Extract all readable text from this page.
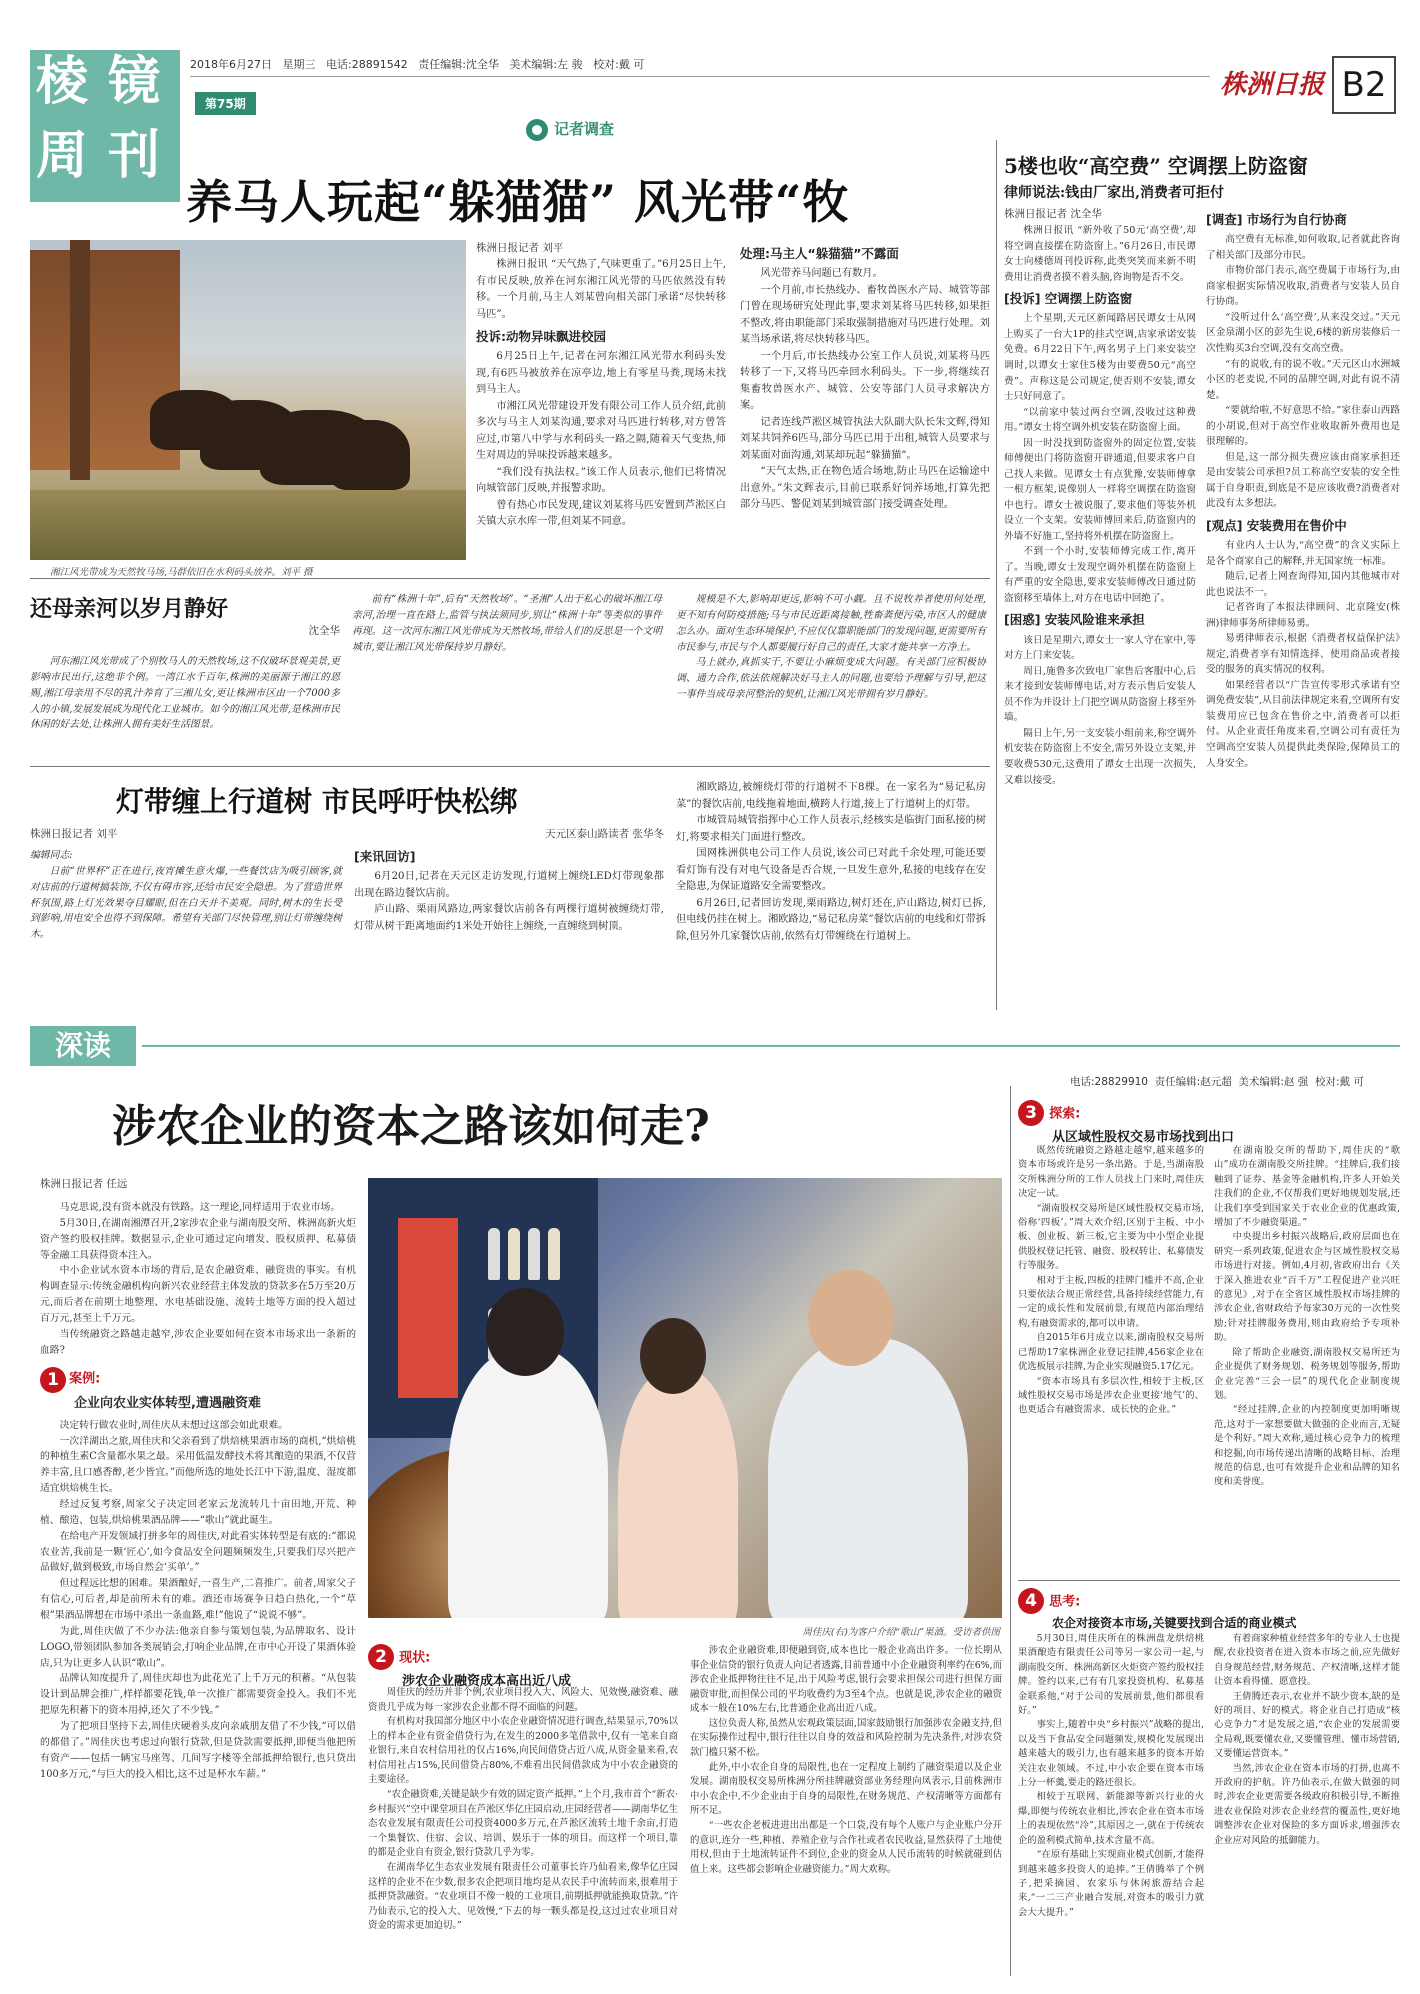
棱 镜
周 刊
2018年6月27日 星期三 电话:28891542 责任编辑:沈全华 美术编辑:左 骏 校对:戴 可
第75期
株洲日报 B2
记者调查
养马人玩起“躲猫猫” 风光带“牧
湘江风光带成为天然牧马场,马群依旧在水利码头放养。刘平 摄
株洲日报记者 刘平

株洲日报讯 “天气热了,气味更重了。”6月25日上午,有市民反映,放养在河东湘江风光带的马匹依然没有转移。一个月前,马主人刘某曾向相关部门承诺“尽快转移马匹”。

投诉:动物异味飘进校园

6月25日上午,记者在河东湘江风光带水利码头发现,有6匹马被放养在凉亭边,地上有零星马粪,现场未找到马主人。

市湘江风光带建设开发有限公司工作人员介绍,此前多次与马主人刘某沟通,要求对马匹进行转移,对方曾答应过,市第八中学与水利码头一路之隔,随着天气变热,师生对周边的异味投诉越来越多。

“我们没有执法权。”该工作人员表示,他们已将情况向城管部门反映,并报警求助。

曾有热心市民发现,建议刘某将马匹安置到芦淞区白关镇大京水库一带,但刘某不同意。

处理:马主人“躲猫猫”不露面

风光带养马问题已有数月。

一个月前,市长热线办、畜牧兽医水产局、城管等部门曾在现场研究处理此事,要求刘某将马匹转移,如果拒不整改,将由职能部门采取强制措施对马匹进行处理。刘某当场承诺,将尽快转移马匹。

一个月后,市长热线办公室工作人员说,刘某将马匹转移了一下,又将马匹牵回水利码头。下一步,将继续召集畜牧兽医水产、城管、公安等部门人员寻求解决方案。

记者连线芦淞区城管执法大队副大队长朱文辉,得知刘某共饲养6匹马,部分马匹已用于出租,城管人员要求与刘某面对面沟通,刘某却玩起“躲猫猫”。

“天气太热,正在物色适合场地,防止马匹在运输途中出意外。”朱文辉表示,目前已联系好饲养场地,打算先把部分马匹、警促刘某到城管部门接受调查处理。

还母亲河以岁月静好
沈全华

河东湘江风光带成了个别牧马人的天然牧场,这不仅破坏景观美景,更影响市民出行,这绝非个例。一湾江水千百年,株洲的美丽源于湘江的恩赐,湘江母亲用不尽的乳汁养育了三湘儿女,更让株洲市区由一个7000多人的小镇,发展发展成为现代化工业城市。如今的湘江风光带,是株洲市民休闲的好去处,让株洲人拥有美好生活图景。

前有“株洲十年”,后有“天然牧场”。“圣湘”人出于私心的破坏湘江母亲河,治理一直在路上,监管与执法须同步,别让“株洲十年”等类似的事件再现。这一次河东湘江风光带成为天然牧场,带给人们的反思是一个文明城市,要让湘江风光带保持岁月静好。

规模是不大,影响却更远,影响不可小觑。且不说牧养者使用何处理,更不知有何防疫措施;马与市民近距离接触,牲畜粪便污染,市区人的健康怎么办。面对生态环境保护,不应仅仅靠职能部门的发现问题,更需要所有市民参与,市民与个人都要履行好自己的责任,大家才能共享一方净土。

马上就办,真抓实干,不要让小麻烦变成大问题。有关部门应积极协调、通力合作,依法依规解决好马主人的问题,也要给予理解与引导,把这一事件当成母亲河整治的契机,让湘江风光带拥有岁月静好。

灯带缠上行道树 市民呼吁快松绑
株洲日报记者 刘平
编辑同志:

日前“世界杯”正在进行,夜宵摊生意火爆,一些餐饮店为吸引顾客,就对店前的行道树搞装饰,不仅有碍市容,还给市民安全隐患。为了营造世界杯氛围,路上灯光效果夺目耀眼,但在白天并不美观。同时,树木的生长受到影响,用电安全也得不到保障。希望有关部门尽快管理,别让灯带缠绕树木。

天元区泰山路读者 张华冬
[来讯回访]

6月20日,记者在天元区走访发现,行道树上缠绕LED灯带现象都出现在路边餐饮店前。

庐山路、栗雨风路边,两家餐饮店前各有两棵行道树被缠绕灯带,灯带从树干距离地面约1米处开始往上缠绕,一直缠绕到树顶。

湘欧路边,被缠绕灯带的行道树不下8棵。在一家名为“易记私房菜”的餐饮店前,电线拖着地面,横跨人行道,接上了行道树上的灯带。

市城管局城管指挥中心工作人员表示,经核实是临街门面私接的树灯,将要求相关门面进行整改。

国网株洲供电公司工作人员说,该公司已对此千余处理,可能还要看灯饰有没有对电气设备是否合规,一旦发生意外,私接的电线存在安全隐患,为保证道路安全需要整改。

6月26日,记者回访发现,栗雨路边,树灯还在,庐山路边,树灯已拆,但电线仍挂在树上。湘欧路边,“易记私房菜”餐饮店前的电线和灯带拆除,但另外几家餐饮店前,依然有灯带缠绕在行道树上。

5楼也收“高空费” 空调摆上防盗窗
律师说法:钱由厂家出,消费者可拒付
株洲日报记者 沈全华

株洲日报讯 “新外收了50元‘高空费’,却将空调直接摆在防盗窗上。”6月26日,市民谭女士向楼德周刊投诉称,此类突笑而来新不明费用让消费者摸不着头脑,咨询物是否不交。

[投诉] 空调摆上防盗窗

上个星期,天元区新闻路居民谭女士从网上购买了一台大1P的挂式空调,店家承诺安装免费。6月22日下午,两名男子上门来安装空调时,以谭女士家住5楼为由要费50元“高空费”。声称这是公司规定,使否则不安装,谭女士只好同意了。

“以前家中装过两台空调,没收过这种费用。”谭女士将空调外机安装在防盗窗上面。

因一时没找到防盗窗外的固定位置,安装师傅便出门将防盗窗开辟通道,但要求客户自己找人来做。见谭女士有点犹豫,安装师傅拿一根方框架,说像别人一样将空调摆在防盗窗中也行。谭女士被说服了,要求他们等装外机设立一个支架。安装师傅回来后,防盗窗内的外墙不好施工,坚持将外机摆在防盗窗上。

不到一个小时,安装师傅完成工作,离开了。当晚,谭女士发现空调外机摆在防盗窗上有严重的安全隐患,要求安装师傅改日通过防盗窗移至墙体上,对方在电话中回绝了。

[困惑] 安装风险谁来承担

该日是星期六,谭女士一家人守在家中,等对方上门来安装。

周日,施鲁多次致电厂家售后客服中心,后来才接到安装师傅电话,对方表示售后安装人员不作为并设计上门把空调从防盗窗上移至外墙。

隔日上午,另一支安装小组前来,称空调外机安装在防盗窗上不安全,需另外设立支架,并要收费530元,这费用了谭女士出现一次损失,又难以接受。

[调查] 市场行为自行协商

高空费有无标准,如何收取,记者就此咨询了相关部门及部分市民。

市物价部门表示,高空费属于市场行为,由商家根据实际情况收取,消费者与安装人员自行协商。

“没听过什么‘高空费’,从来没交过。”天元区金泉湖小区的彭先生说,6楼的新房装修后一次性购买3台空调,没有交高空费。

“有的说收,有的说不收。”天元区山水洲城小区的老麦说,不同的品牌空调,对此有说不清楚。

“要就给啦,不好意思不给。”家住泰山西路的小胡说,但对于高空作业收取新外费用也是很理解的。

但是,这一部分损失费应该由商家承担还是由安装公司承担?员工称高空安装的安全性属于自身职责,到底是不是应该收费?消费者对此没有太多想法。

[观点] 安装费用在售价中

有业内人士认为,“高空费”的含义实际上是各个商家自己的解释,并无国家统一标准。

随后,记者上网查询得知,国内其他城市对此也说法不一。

记者咨询了本报法律顾问、北京隆安(株洲)律师事务所律师易勇。

易勇律师表示,根据《消费者权益保护法》规定,消费者享有知情选择、使用商品或者接受的服务的真实情况的权利。

如果经营者以“广告宣传零形式承诺有空调免费安装”,从目前法律规定来看,空调所有安装费用应已包含在售价之中,消费者可以拒付。从企业责任角度来看,空调公司有责任为空调高空安装人员提供此类保险,保障员工的人身安全。

深读
电话:28829910 责任编辑:赵元超 美术编辑:赵 强 校对:戴 可
涉农企业的资本之路该如何走?
株洲日报记者 任远

马克思说,没有资本就没有铁路。这一理论,同样适用于农业市场。

5月30日,在湖南湘潭召开,2家涉农企业与湖南股交所、株洲高新火炬资产签约股权挂牌。数据显示,企业可通过定向增发、股权质押、私募债等金融工具获得资本注入。

中小企业试水资本市场的背后,是农企融资难、融资贵的事实。有机构调查显示:传统金融机构向新兴农业经营主体发放的贷款多在5万至20万元,而后者在前期土地整理、水电基础设施、流转土地等方面的投入超过百万元,甚至上千万元。

当传统融资之路越走越窄,涉农企业要如何在资本市场求出一条新的血路?

1 案例:
企业向农业实体转型,遭遇融资难

决定转行做农业时,周佳庆从未想过这部会如此艰难。

一次洋湖出之旅,周佳庆和父亲看到了烘焙桃果酒市场的商机,“烘焙桃的种植生素C含量都水果之最。采用低温发酵技术将其酿造的果酒,不仅营养丰富,且口感香醇,老少皆宜。”而他所选的地处长江中下游,温度、湿度都适宜烘焙桃生长。

经过反复考察,周家父子决定回老家云龙流转几十亩田地,开荒、种植、酿造、包装,烘焙桃果酒品牌——“歌山”就此诞生。

在给电产开发领域打拼多年的周佳庆,对此看实体转型是有底的:“都说农业苦,我前是一颗‘匠心’,如今食品安全问题频频发生,只要我们尽兴把产品做好,做到极致,市场自然会‘买单’。”

但过程远比想的困难。果酒酿好,一喜生产,二喜推广。前者,周家父子有信心,可后者,却是前所未有的难。酒还市场赛争日趋白热化,一个“草根”果酒品牌想在市场中杀出一条血路,难!”他说了“说说不够”。

为此,周佳庆做了不少办法:他亲自参与策划包装,为品牌取名、设计LOGO,带领团队参加各类展销会,打响企业品牌,在市中心开设了果酒体验店,只为让更多人认识“歌山”。

品牌认知度提升了,周佳庆却也为此花光了上千万元的积蓄。“从包装设计到品牌会推广,样样都要花钱,单一次推广都需要资金投入。我们不光把原先积蓄下的资本用掉,还欠了不少钱。”

为了把项目坚持下去,周佳庆硬着头皮向亲戚朋友借了不少钱,“可以借的都借了。”周佳庆也考虑过向银行贷款,但是贷款需要抵押,即便当他把所有资产——包括一辆宝马座驾、几间写字楼等全部抵押给银行,也只贷出100多万元,“与巨大的投入相比,这不过是杯水车薪。”

周佳庆(右)为客户介绍“歌山”果酒。受访者供图
2 现状:
涉农企业融资成本高出近八成

周佳庆的经历并非个例,农业项目投入大、风险大、见效慢,融资难、融资贵几乎成为每一家涉农企业都不得不面临的问题。

有机构对我国部分地区中小农企业融资情况进行调查,结果显示,70%以上的样本企业有资金借贷行为,在发生的2000多笔借款中,仅有一笔来自商业银行,来自农村信用社的仅占16%,向民间借贷占近八成,从资金量来看,农村信用社占15%,民间借贷占80%,不难看出民间借款成为中小农企融资的主要途径。

“农企融资难,关键是缺少有效的固定资产抵押。”上个月,我市首个“新农·乡村振兴”空中课堂项目在芦淞区华亿庄园启动,庄园经营者——湖南华亿生态农业发展有限责任公司投资4000多万元,在芦淞区流转土地千余亩,打造一个集餐饮、住宿、会议、培训、娱乐于一体的项目。而这样一个项目,靠的都是企业自有资金,银行贷款几乎为零。

在湖南华亿生态农业发展有限责任公司董事长许乃仙看来,像华亿庄园这样的企业不在少数,很多农企把项目地均是从农民手中流转而来,很难用于抵押贷款融资。“农业项目不像一般的工业项目,前期抵押就能换取贷款。”许乃仙表示,它的投入大、见效慢,“下去的每一颗头都是投,这过过农业项目对资金的需求更加迫切。”

涉农企业融资难,即便融到资,成本也比一般企业高出许多。一位长期从事企业信贷的银行负责人向记者透露,目前普通中小企业融资利率约在6%,而涉农企业抵押物往往不足,出于风险考虑,银行会要求担保公司进行担保方面融资审批,而担保公司的平均收费约为3至4个点。也就是说,涉农企业的融资成本一般在10%左右,比普通企业高出近八成。

这位负责人称,虽然从宏观政策层面,国家鼓励银行加强涉农金融支持,但在实际操作过程中,银行往往以自身的效益和风险控制为先决条件,对涉农贷款门槛只紧不松。

此外,中小农企自身的局限性,也在一定程度上制约了融资渠道以及企业发展。湖南股权交易所株洲分所挂牌融资部业务经理向凤表示,目前株洲市中小农企中,不少企业由于自身的局限性,在财务规范、产权清晰等方面都有所不足。

“一些农企老板进进出出都是一个口袋,没有每个人账户与企业账户分开的意识,连分一些,种植、养殖企业与合作社或者农民收益,显然获得了土地使用权,但由于土地流转证件不到位,企业的资金从人民币流转的时候就碰到估值上来。这些都会影响企业融资能力。”周大欢称。

3 探索:
从区域性股权交易市场找到出口

既然传统融资之路越走越窄,越来越多的资本市场或许是另一条出路。于是,当湖南股交所株洲分所的工作人员找上门来时,周佳庆决定一试。

“湖南股权交易所是区域性股权交易市场,俗称‘四板’。”周大欢介绍,区别于主板、中小板、创业板、新三板,它主要为中小型企业提供股权登记托管、融资、股权转让、私募债发行等服务。

相对于主板,四板的挂牌门槛并不高,企业只要依法合规正常经营,具备持续经营能力,有一定的成长性和发展前景,有规范内部治理结构,有融资需求的,都可以申请。

自2015年6月成立以来,湖南股权交易所已帮助17家株洲企业登记挂牌,456家企业在优选板展示挂牌,为企业实现融资5.17亿元。

“资本市场具有多层次性,相较于主板,区域性股权交易市场是涉农企业更接‘地气’的、也更适合有融资需求、成长快的企业。”

在湖南股交所的帮助下,周佳庆的“歌山”成功在湖南股交所挂牌。“挂牌后,我们接触到了证券、基金等金融机构,许多人开始关注我们的企业,不仅帮我们更好地规划发展,还让我们享受到国家关于农业企业的优惠政策,增加了不少融资渠道。”

中央提出乡村振兴战略后,政府层面也在研究一系列政策,促进农企与区域性股权交易市场进行对接。例如,4月初,省政府出台《关于深入推进农业“百千万”工程促进产业兴旺的意见》,对于在全省区域性股权市场挂牌的涉农企业,省财政给予每家30万元的一次性奖励;针对挂牌服务费用,则由政府给予专项补助。

除了帮助企业融资,湖南股权交易所还为企业提供了财务规划、税务规划等服务,帮助企业完善“三会一层”的现代化企业制度规划。

“经过挂牌,企业的内控制度更加明晰规范,这对于一家想要做大做强的企业而言,无疑是个利好。”周大欢称,通过核心竞争力的梳理和挖掘,向市场传递出清晰的战略目标、治理规范的信息,也可有效提升企业和品牌的知名度和美誉度。

4 思考:
农企对接资本市场,关键要找到合适的商业模式

5月30日,周佳庆所在的株洲盘龙烘焙桃果酒酿造有限责任公司等另一家公司一起,与湖南股交所、株洲高新区火炬资产签约股权挂牌。签约以来,已有有几家投资机构、私募基金联系他,“对于公司的发展前景,他们都很看好。”

事实上,随着中央“乡村振兴”战略的提出,以及当下食品安全问题频发,规模化发展现出越来越大的吸引力,也有越来越多的资本开始关注农业领域。不过,中小农企要在资本市场上分一杯羹,要走的路还很长。

相较于互联网、新能源等新兴行业的火爆,即便与传统农业相比,涉农企业在资本市场上的表现依然“冷”,其原因之一,就在于传统农企的盈利模式简单,技术含量不高。

“在原有基础上实现商业模式创新,才能得到越来越多投资人的追捧。”王倩腾举了个例子,把采摘园、农家乐与休闲旅游结合起来,“一二三产业融合发展,对资本的吸引力就会大大提升。”

有着商家种植业经营多年的专业人士也提醒,农业投资者在进入资本市场之前,应先做好自身规范经营,财务规范、产权清晰,这样才能让资本看得懂、愿意投。

王倩腾还表示,农业并不缺少资本,缺的是好的项目、好的模式。将企业自己打造成“核心竞争力”才是发展之道,“农企业的发展需要全局观,既要懂农业,又要懂管理、懂市场营销,又要懂运营资本。”

当然,涉农企业在资本市场的打拼,也离不开政府的护航。许乃仙表示,在做大做强的同时,涉农企业更需要各级政府积极引导,不断推进农业保险对涉农企业经营的覆盖性,更好地调整涉农企业对保险的多方面诉求,增强涉农企业应对风险的抵御能力。
